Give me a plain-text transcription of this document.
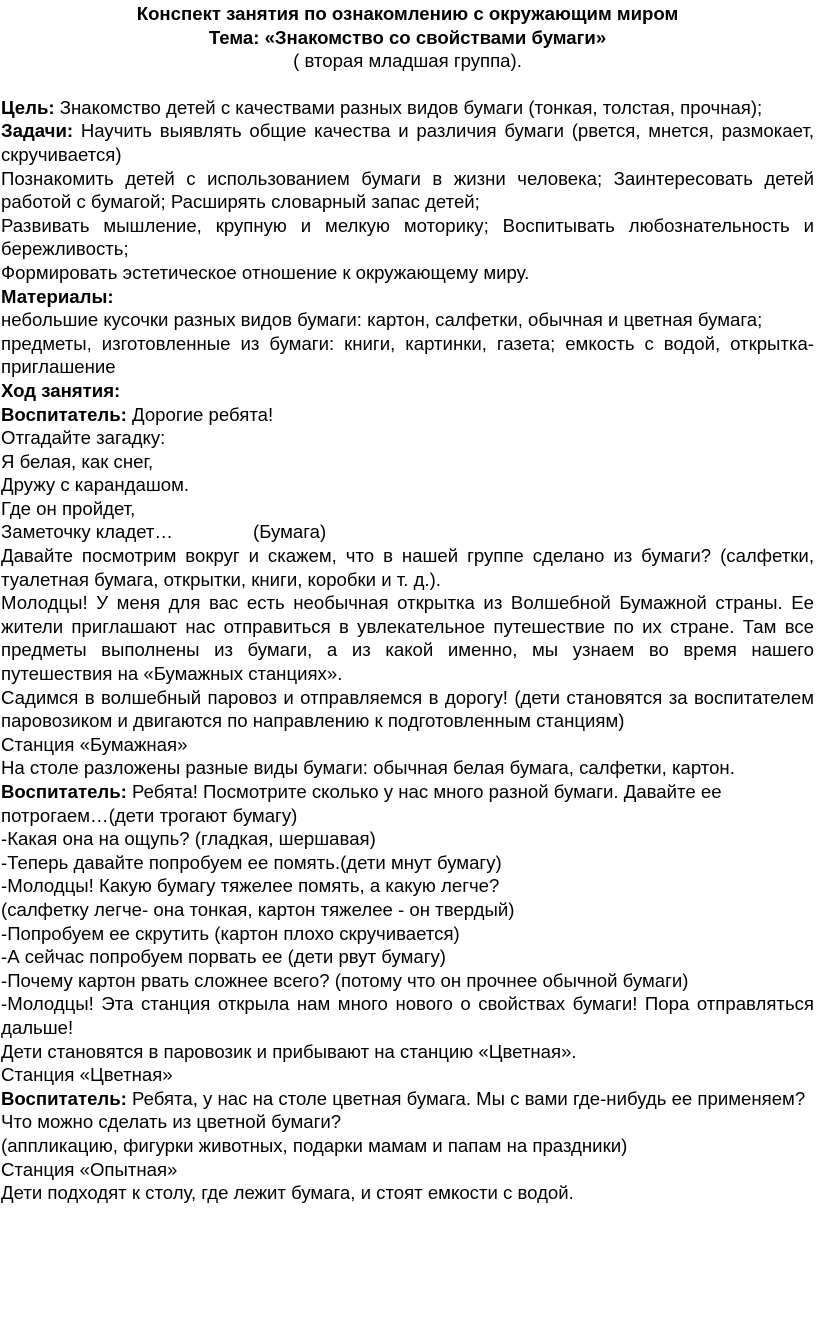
Конспект занятия по ознакомлению с окружающим миром
Тема: «Знакомство со свойствами бумаги»
( вторая младшая группа).

Цель: Знакомство детей с качествами разных видов бумаги (тонкая, толстая, прочная);

Задачи: Научить выявлять общие качества и различия бумаги (рвется, мнется, размокает, скручивается)

Познакомить детей с использованием бумаги в жизни человека; Заинтересовать детей работой с бумагой; Расширять словарный запас детей;

Развивать мышление, крупную и мелкую моторику; Воспитывать любознательность и бережливость;

Формировать эстетическое отношение к окружающему миру.

Материалы:

небольшие кусочки разных видов бумаги: картон, салфетки, обычная и цветная бумага;

предметы, изготовленные из бумаги: книги, картинки, газета; емкость с водой, открытка-приглашение

Ход занятия:

Воспитатель: Дорогие ребята!

Отгадайте загадку:

Я белая, как снег,

Дружу с карандашом.

Где он пройдет,

Заметочку кладет…	(Бумага)

Давайте посмотрим вокруг и скажем, что в нашей группе сделано из бумаги? (салфетки, туалетная бумага, открытки, книги, коробки и т. д.).

Молодцы! У меня для вас есть необычная открытка из Волшебной Бумажной страны. Ее жители приглашают нас отправиться в увлекательное путешествие по их стране. Там все предметы выполнены из бумаги, а из какой именно, мы узнаем во время нашего путешествия на «Бумажных станциях».

Садимся в волшебный паровоз и отправляемся в дорогу! (дети становятся за воспитателем паровозиком и двигаются по направлению к подготовленным станциям)

Станция «Бумажная»

На столе разложены разные виды бумаги: обычная белая бумага, салфетки, картон.

Воспитатель: Ребята! Посмотрите сколько у нас много разной бумаги. Давайте ее потрогаем…(дети трогают бумагу)

-Какая она на ощупь? (гладкая, шершавая)

-Теперь давайте попробуем ее помять.(дети мнут бумагу)

-Молодцы! Какую бумагу тяжелее помять, а какую легче?

(салфетку легче- она тонкая, картон тяжелее - он твердый)

-Попробуем ее скрутить (картон плохо скручивается)

-А сейчас попробуем порвать ее (дети рвут бумагу)

-Почему картон рвать сложнее всего? (потому что он прочнее обычной бумаги)

-Молодцы! Эта станция открыла нам много нового о свойствах бумаги! Пора отправляться дальше!

Дети становятся в паровозик и прибывают на станцию «Цветная».

Станция «Цветная»

Воспитатель: Ребята, у нас на столе цветная бумага. Мы с вами где-нибудь ее применяем? Что можно сделать из цветной бумаги?

(аппликацию, фигурки животных, подарки мамам и папам на праздники)

Станция «Опытная»

Дети подходят к столу, где лежит бумага, и стоят емкости с водой.
